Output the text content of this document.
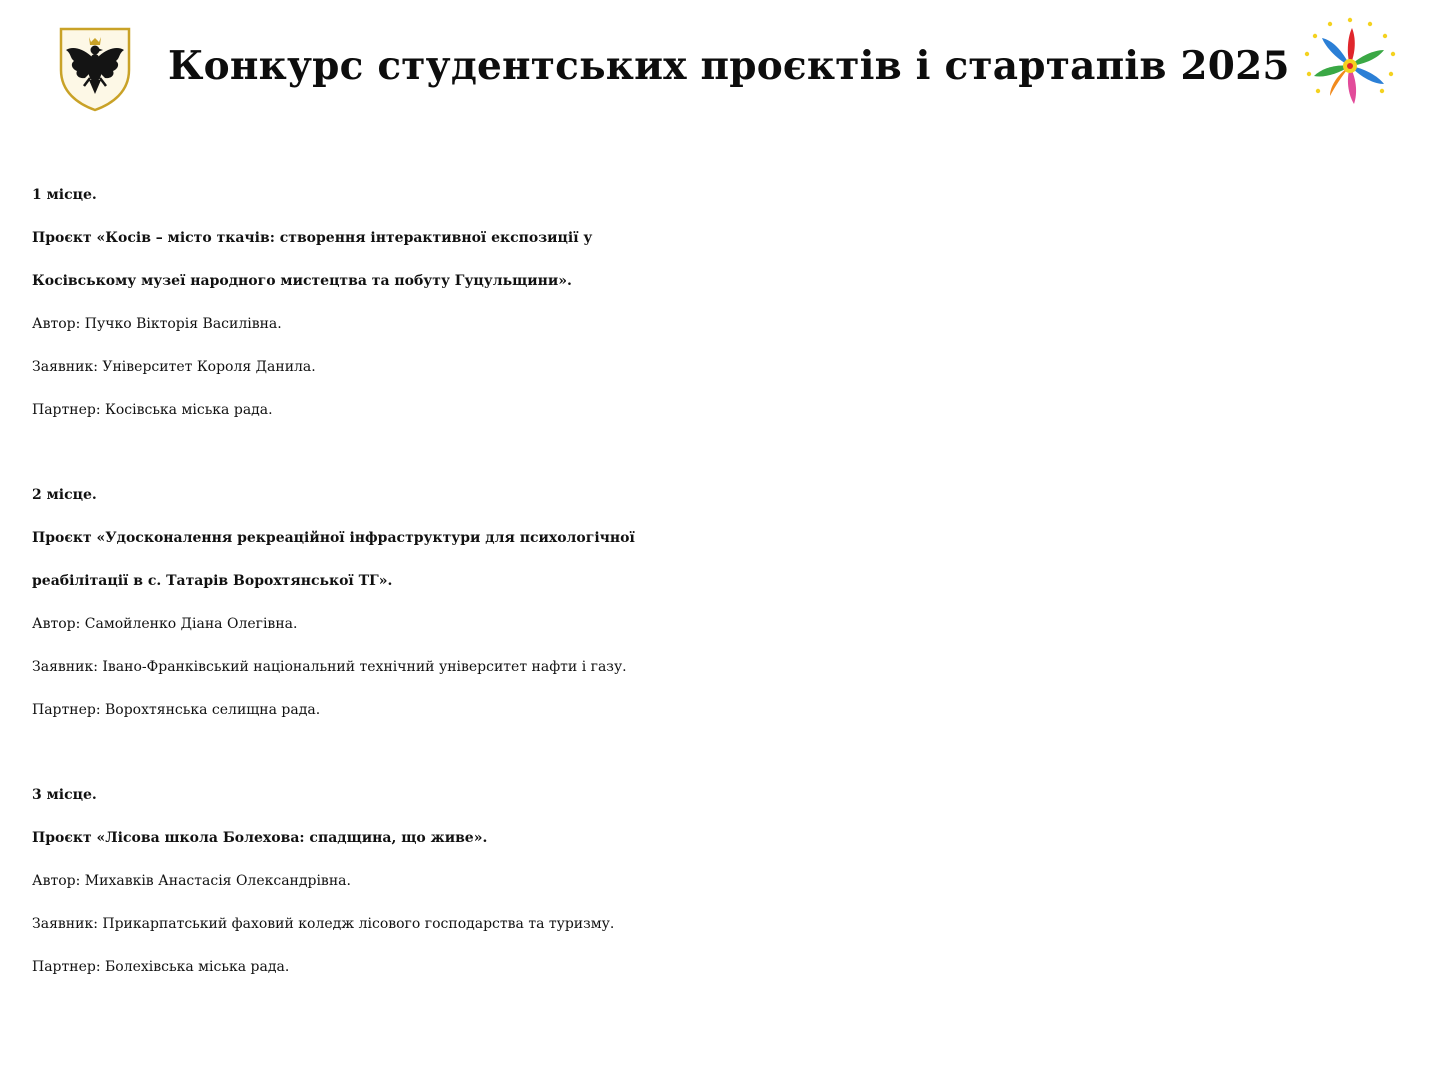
Конкурс студентських проєктів і стартапів 2025
1 місце.
Проєкт «Косів – місто ткачів: створення інтерактивної експозиції у
Косівському музеї народного мистецтва та побуту Гуцульщини».
Автор: Пучко Вікторія Василівна.
Заявник: Університет Короля Данила.
Партнер: Косівська міська рада.
2 місце.
Проєкт «Удосконалення рекреаційної інфраструктури для психологічної
реабілітації в с. Татарів Ворохтянської ТГ».
Автор: Самойленко Діана Олегівна.
Заявник: Івано-Франківський національний технічний університет нафти і газу.
Партнер: Ворохтянська селищна рада.
3 місце.
Проєкт «Лісова школа Болехова: спадщина, що живе».
Автор: Михавків Анастасія Олександрівна.
Заявник: Прикарпатський фаховий коледж лісового господарства та туризму.
Партнер: Болехівська міська рада.
